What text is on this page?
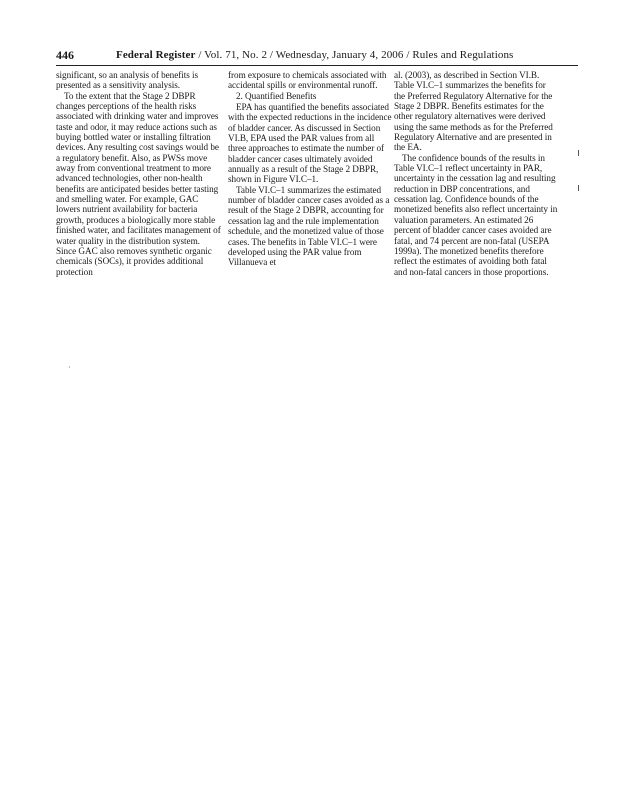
446	Federal Register / Vol. 71, No. 2 / Wednesday, January 4, 2006 / Rules and Regulations

significant, so an analysis of benefits is presented as a sensitivity analysis.

To the extent that the Stage 2 DBPR changes perceptions of the health risks associated with drinking water and improves taste and odor, it may reduce actions such as buying bottled water or installing filtration devices. Any resulting cost savings would be a regulatory benefit. Also, as PWSs move away from conventional treatment to more advanced technologies, other non-health benefits are anticipated besides better tasting and smelling water. For example, GAC lowers nutrient availability for bacteria growth, produces a biologically more stable finished water, and facilitates management of water quality in the distribution system. Since GAC also removes synthetic organic chemicals (SOCs), it provides additional protection

from exposure to chemicals associated with accidental spills or environmental runoff.

2. Quantified Benefits

EPA has quantified the benefits associated with the expected reductions in the incidence of bladder cancer. As discussed in Section VI.B, EPA used the PAR values from all three approaches to estimate the number of bladder cancer cases ultimately avoided annually as a result of the Stage 2 DBPR, shown in Figure VI.C–1.

Table VI.C–1 summarizes the estimated number of bladder cancer cases avoided as a result of the Stage 2 DBPR, accounting for cessation lag and the rule implementation schedule, and the monetized value of those cases. The benefits in Table VI.C–1 were developed using the PAR value from Villanueva et

al. (2003), as described in Section VI.B. Table VI.C–1 summarizes the benefits for the Preferred Regulatory Alternative for the Stage 2 DBPR. Benefits estimates for the other regulatory alternatives were derived using the same methods as for the Preferred Regulatory Alternative and are presented in the EA.

The confidence bounds of the results in Table VI.C–1 reflect uncertainty in PAR, uncertainty in the cessation lag and resulting reduction in DBP concentrations, and cessation lag. Confidence bounds of the monetized benefits also reflect uncertainty in valuation parameters. An estimated 26 percent of bladder cancer cases avoided are fatal, and 74 percent are non-fatal (USEPA 1999a). The monetized benefits therefore reflect the estimates of avoiding both fatal and non-fatal cancers in those proportions.

·
